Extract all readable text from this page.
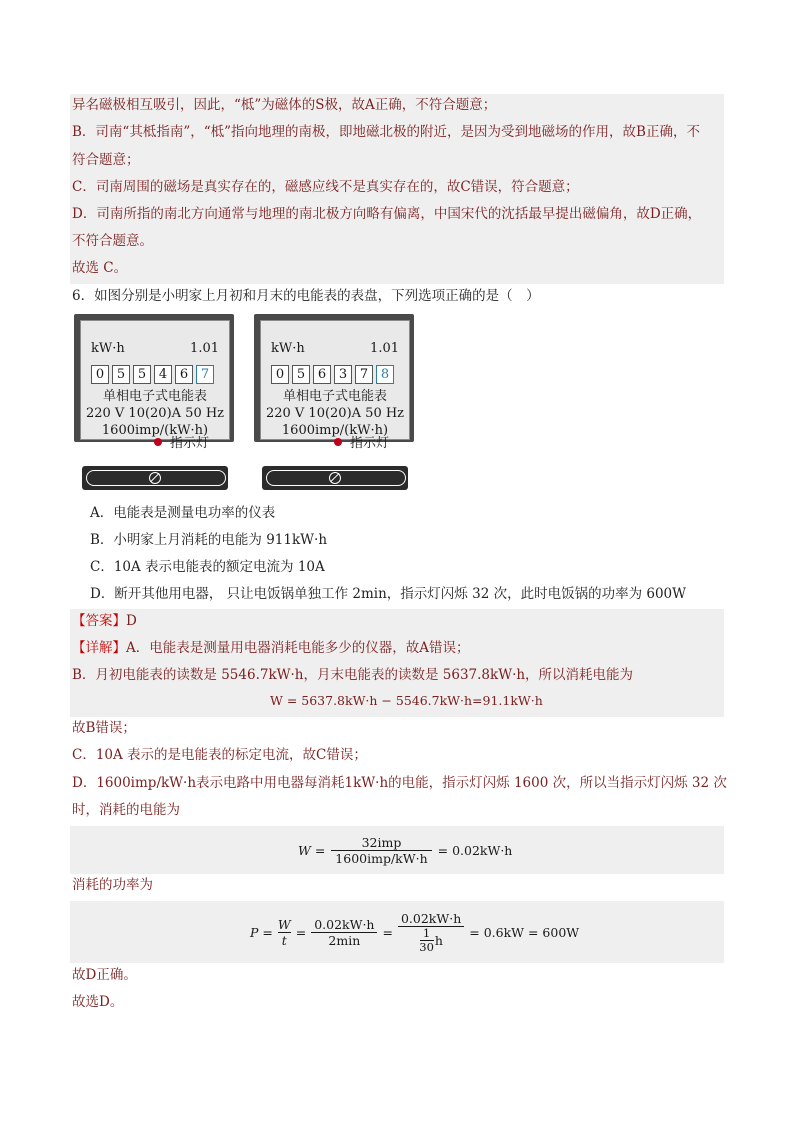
异名磁极相互吸引，因此，“柢”为磁体的S极，故A正确，不符合题意；
B．司南“其柢指南”，“柢”指向地理的南极，即地磁北极的附近，是因为受到地磁场的作用，故B正确，不
符合题意；
C．司南周围的磁场是真实存在的，磁感应线不是真实存在的，故C错误，符合题意；
D．司南所指的南北方向通常与地理的南北极方向略有偏离，中国宋代的沈括最早提出磁偏角，故D正确，
不符合题意。
故选 C。
6．如图分别是小明家上月初和月末的电能表的表盘，下列选项正确的是（　）
kW·h	1.01
0 5 5 4 6 7
单相电子式电能表
220 V 10(20)A 50 Hz
1600imp/(kW·h)
指示灯
kW·h	1.01
0 5 6 3 7 8
单相电子式电能表
220 V 10(20)A 50 Hz
1600imp/(kW·h)
指示灯
A．电能表是测量电功率的仪表
B．小明家上月消耗的电能为 911kW·h
C．10A 表示电能表的额定电流为 10A
D．断开其他用电器， 只让电饭锅单独工作 2min，指示灯闪烁 32 次，此时电饭锅的功率为 600W
【答案】D
【详解】A．电能表是测量用电器消耗电能多少的仪器，故A错误；
B．月初电能表的读数是 5546.7kW·h，月末电能表的读数是 5637.8kW·h，所以消耗电能为
W = 5637.8kW·h − 5546.7kW·h=91.1kW·h
故B错误；
C．10A 表示的是电能表的标定电流，故C错误；
D．1600imp/kW·h表示电路中用电器每消耗1kW·h的电能，指示灯闪烁 1600 次，所以当指示灯闪烁 32 次
时，消耗的电能为
W =
32imp
1600imp/kW·h
= 0.02kW·h
消耗的功率为
P =
W
t
=
0.02kW·h
2min
=
0.02kW·h
1
30 h
= 0.6kW = 600W
故D正确。
故选D。
